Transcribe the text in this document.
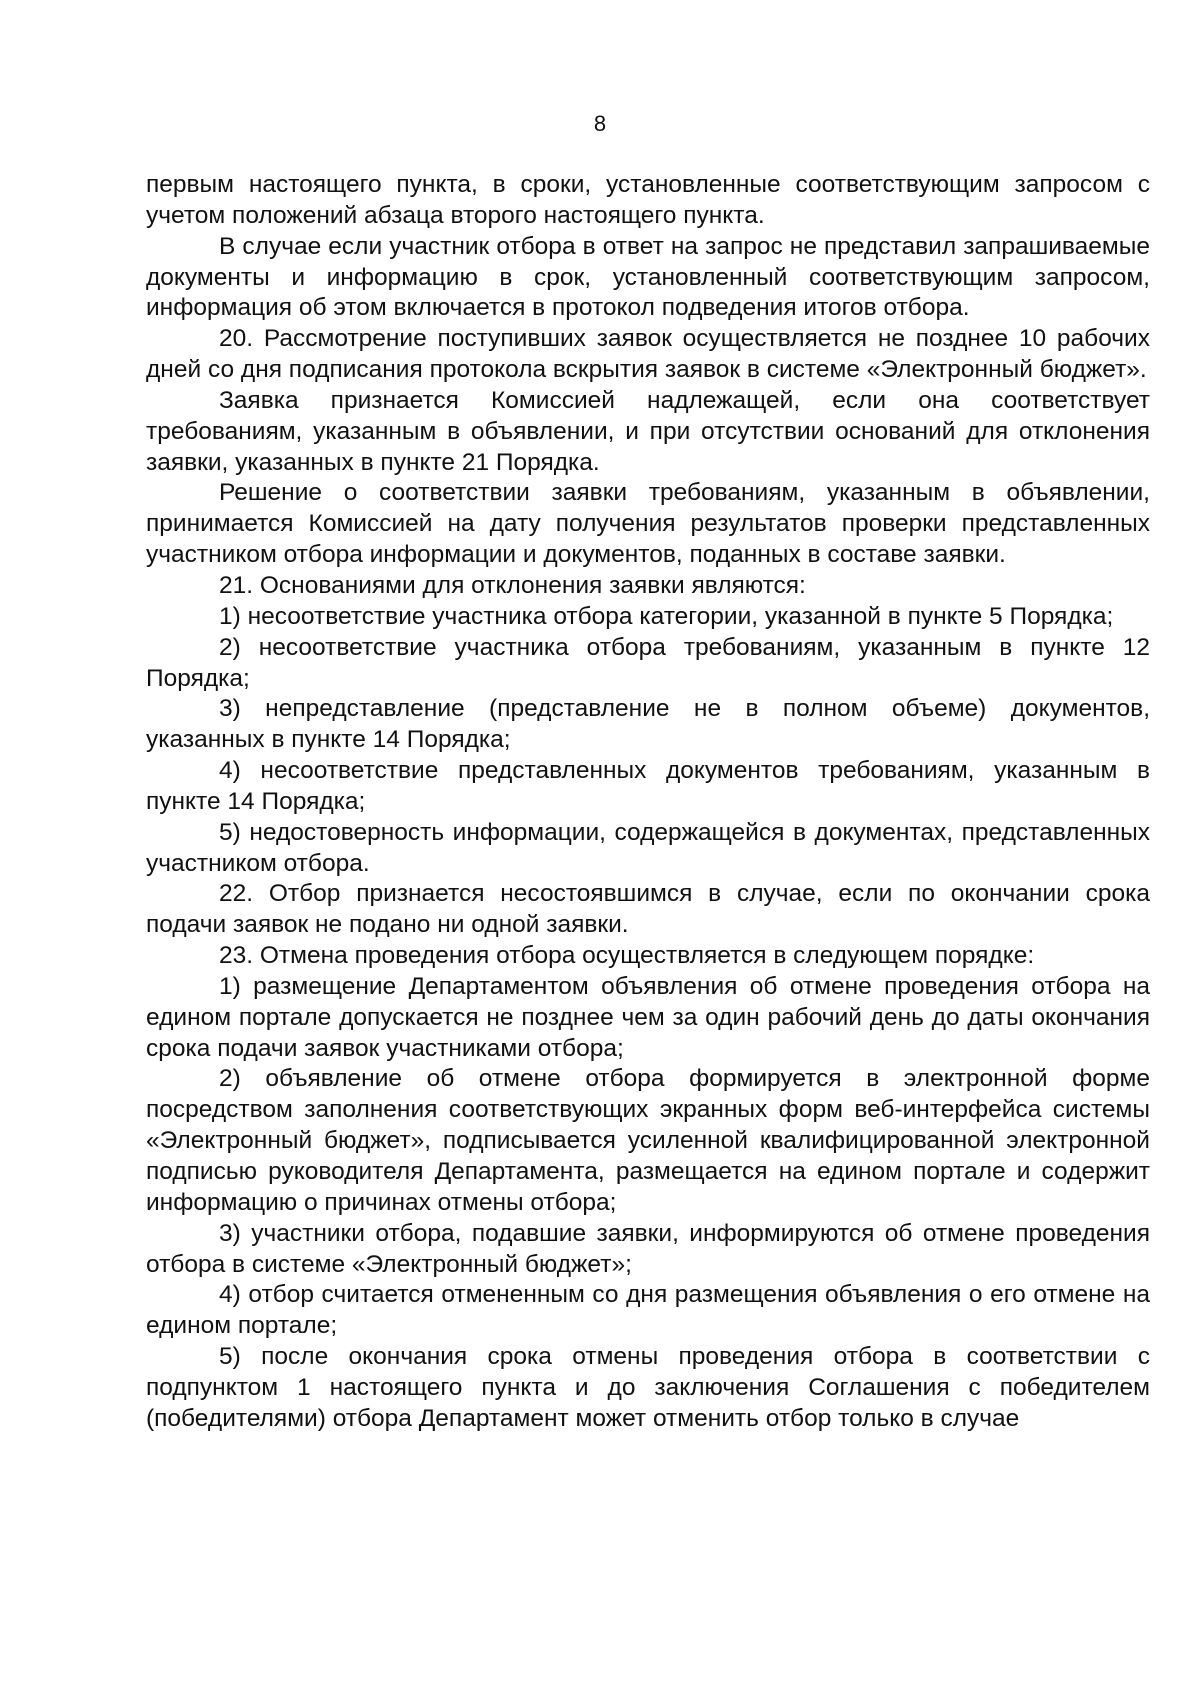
8

первым настоящего пункта, в сроки, установленные соответствующим запросом с учетом положений абзаца второго настоящего пункта.

В случае если участник отбора в ответ на запрос не представил запрашиваемые документы и информацию в срок, установленный соответствующим запросом, информация об этом включается в протокол подведения итогов отбора.

20. Рассмотрение поступивших заявок осуществляется не позднее 10 рабочих дней со дня подписания протокола вскрытия заявок в системе «Электронный бюджет».

Заявка признается Комиссией надлежащей, если она соответствует требованиям, указанным в объявлении, и при отсутствии оснований для отклонения заявки, указанных в пункте 21 Порядка.

Решение о соответствии заявки требованиям, указанным в объявлении, принимается Комиссией на дату получения результатов проверки представленных участником отбора информации и документов, поданных в составе заявки.

21. Основаниями для отклонения заявки являются:

1) несоответствие участника отбора категории, указанной в пункте 5 Порядка;

2) несоответствие участника отбора требованиям, указанным в пункте 12 Порядка;

3) непредставление (представление не в полном объеме) документов, указанных в пункте 14 Порядка;

4) несоответствие представленных документов требованиям, указанным в пункте 14 Порядка;

5) недостоверность информации, содержащейся в документах, представленных участником отбора.

22. Отбор признается несостоявшимся в случае, если по окончании срока подачи заявок не подано ни одной заявки.

23. Отмена проведения отбора осуществляется в следующем порядке:

1) размещение Департаментом объявления об отмене проведения отбора на едином портале допускается не позднее чем за один рабочий день до даты окончания срока подачи заявок участниками отбора;

2) объявление об отмене отбора формируется в электронной форме посредством заполнения соответствующих экранных форм веб-интерфейса системы «Электронный бюджет», подписывается усиленной квалифицированной электронной подписью руководителя Департамента, размещается на едином портале и содержит информацию о причинах отмены отбора;

3) участники отбора, подавшие заявки, информируются об отмене проведения отбора в системе «Электронный бюджет»;

4) отбор считается отмененным со дня размещения объявления о его отмене на едином портале;

5) после окончания срока отмены проведения отбора в соответствии с подпунктом 1 настоящего пункта и до заключения Соглашения с победителем (победителями) отбора Департамент может отменить отбор только в случае
